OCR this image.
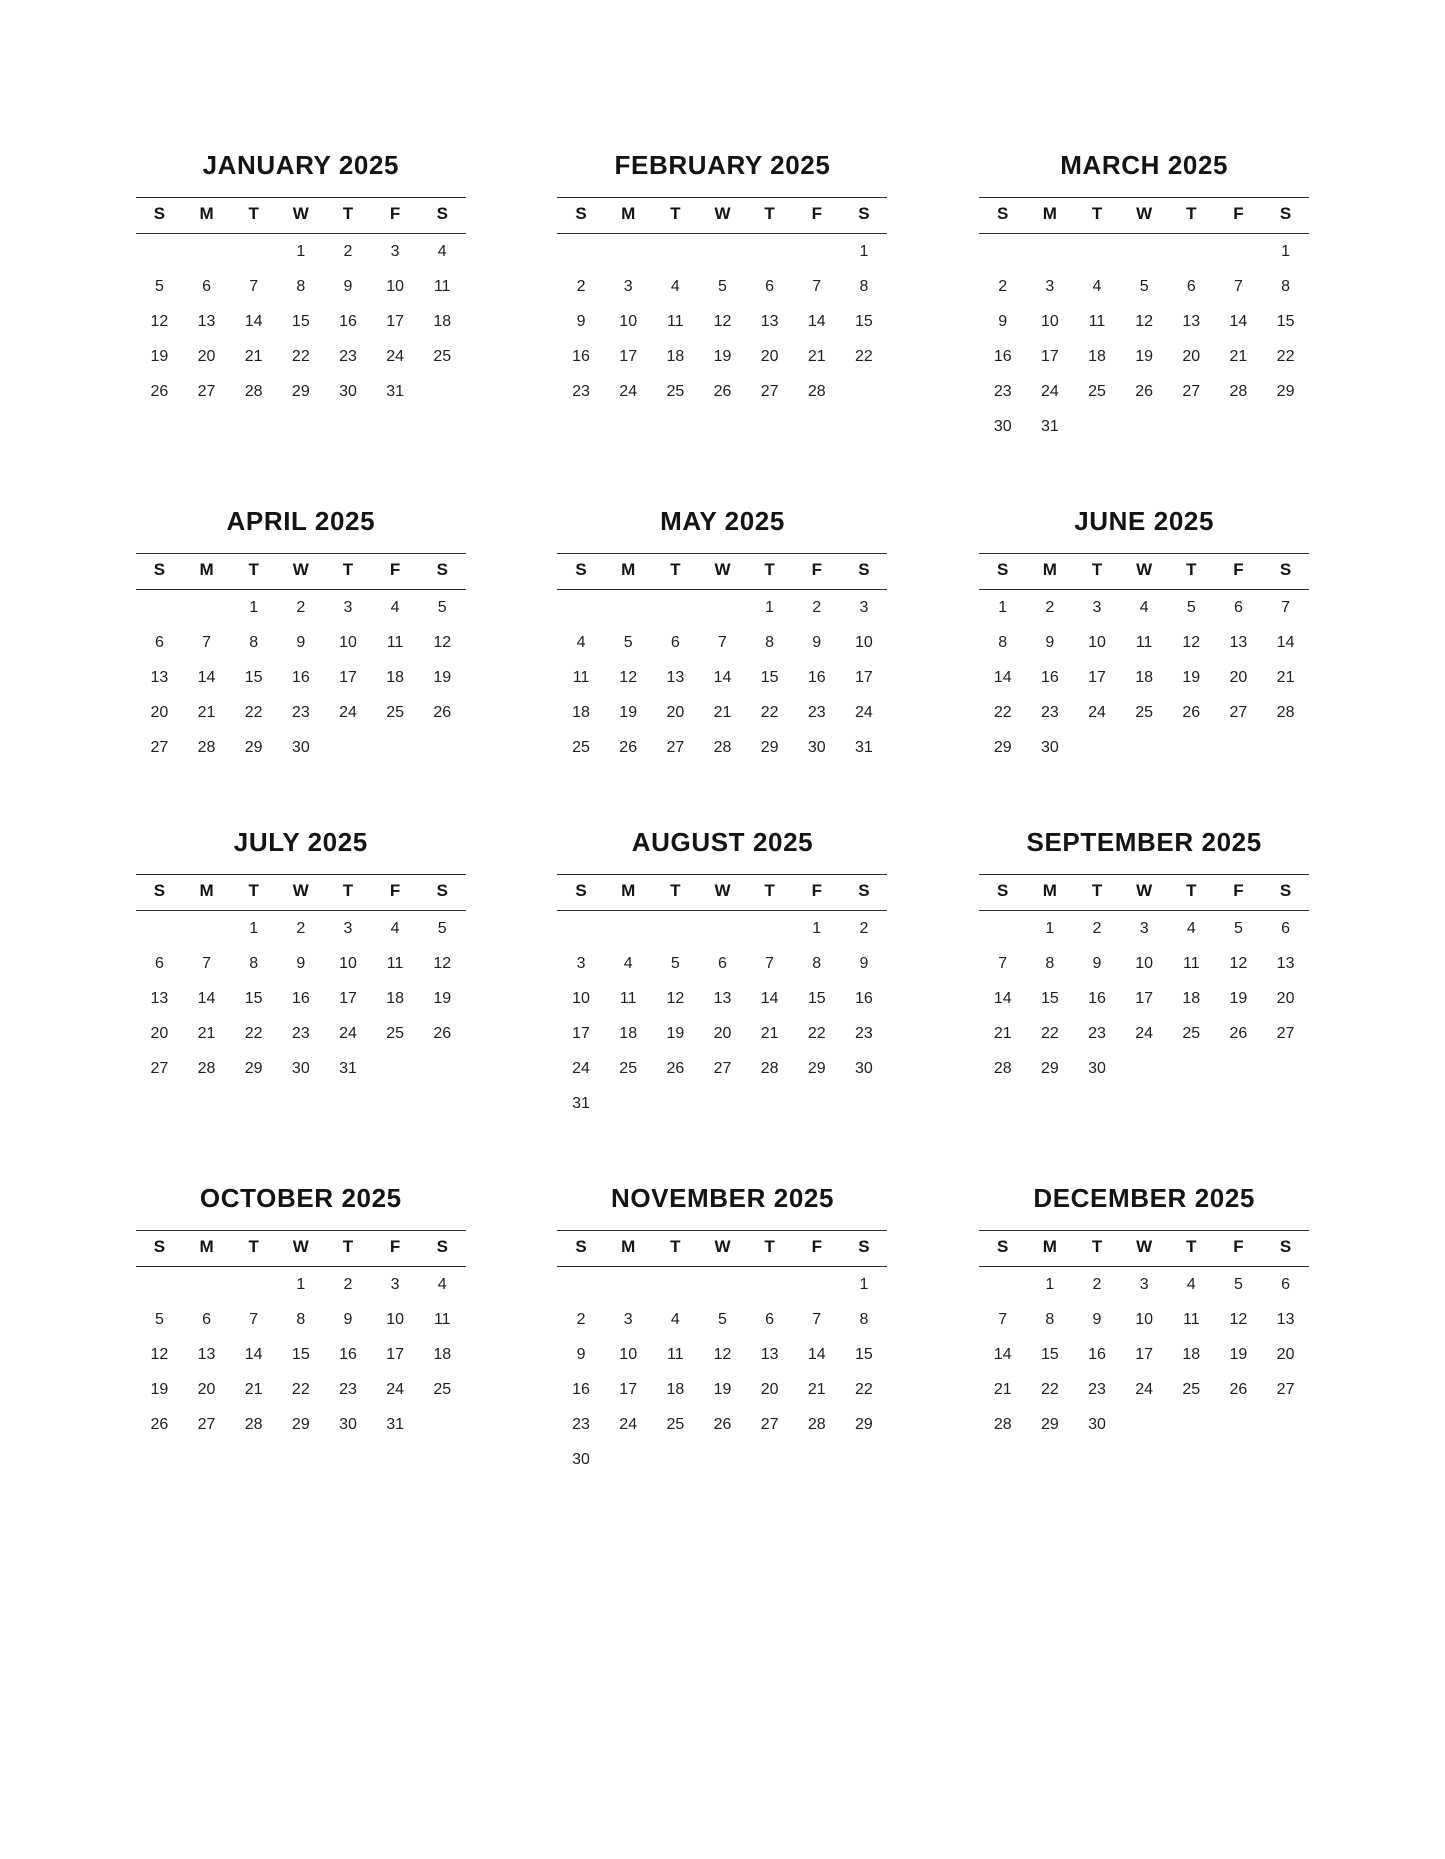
JANUARY 2025
S	M	T	W	T	F	S
			1	2	3	4
5	6	7	8	9	10	11
12	13	14	15	16	17	18
19	20	21	22	23	24	25
26	27	28	29	30	31	
FEBRUARY 2025
S	M	T	W	T	F	S
						1
2	3	4	5	6	7	8
9	10	11	12	13	14	15
16	17	18	19	20	21	22
23	24	25	26	27	28	
MARCH 2025
S	M	T	W	T	F	S
						1
2	3	4	5	6	7	8
9	10	11	12	13	14	15
16	17	18	19	20	21	22
23	24	25	26	27	28	29
30	31					
APRIL 2025
S	M	T	W	T	F	S
		1	2	3	4	5
6	7	8	9	10	11	12
13	14	15	16	17	18	19
20	21	22	23	24	25	26
27	28	29	30			
MAY 2025
S	M	T	W	T	F	S
				1	2	3
4	5	6	7	8	9	10
11	12	13	14	15	16	17
18	19	20	21	22	23	24
25	26	27	28	29	30	31
JUNE 2025
S	M	T	W	T	F	S
1	2	3	4	5	6	7
8	9	10	11	12	13	14
14	16	17	18	19	20	21
22	23	24	25	26	27	28
29	30					
JULY 2025
S	M	T	W	T	F	S
		1	2	3	4	5
6	7	8	9	10	11	12
13	14	15	16	17	18	19
20	21	22	23	24	25	26
27	28	29	30	31		
AUGUST 2025
S	M	T	W	T	F	S
					1	2
3	4	5	6	7	8	9
10	11	12	13	14	15	16
17	18	19	20	21	22	23
24	25	26	27	28	29	30
31						
SEPTEMBER 2025
S	M	T	W	T	F	S
	1	2	3	4	5	6
7	8	9	10	11	12	13
14	15	16	17	18	19	20
21	22	23	24	25	26	27
28	29	30				
OCTOBER 2025
S	M	T	W	T	F	S
			1	2	3	4
5	6	7	8	9	10	11
12	13	14	15	16	17	18
19	20	21	22	23	24	25
26	27	28	29	30	31	
NOVEMBER 2025
S	M	T	W	T	F	S
						1
2	3	4	5	6	7	8
9	10	11	12	13	14	15
16	17	18	19	20	21	22
23	24	25	26	27	28	29
30						
DECEMBER 2025
S	M	T	W	T	F	S
	1	2	3	4	5	6
7	8	9	10	11	12	13
14	15	16	17	18	19	20
21	22	23	24	25	26	27
28	29	30				
